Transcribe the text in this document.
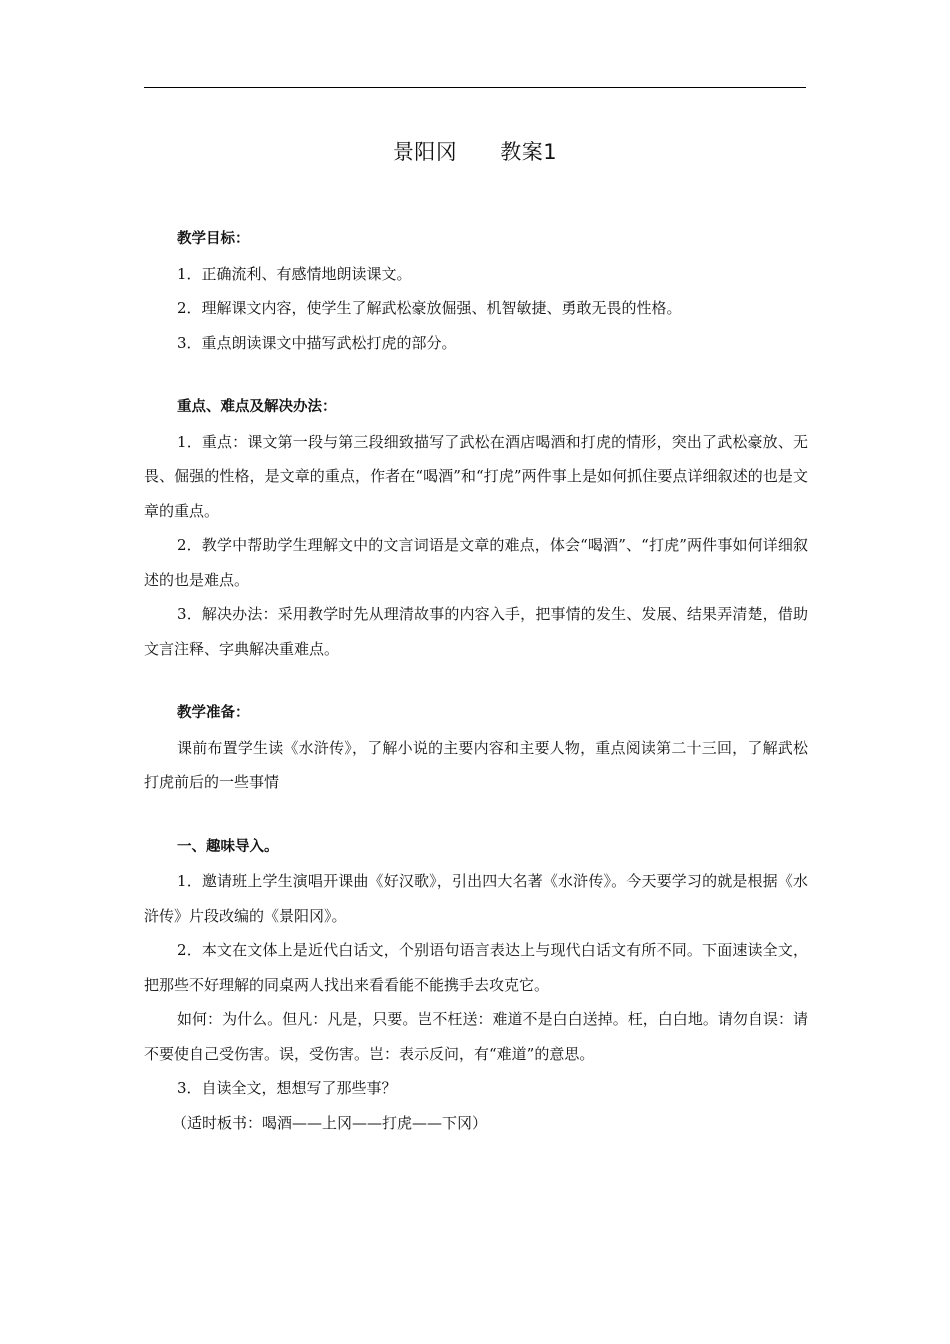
景阳冈　　教案1

教学目标：

1．正确流利、有感情地朗读课文。

2．理解课文内容，使学生了解武松豪放倔强、机智敏捷、勇敢无畏的性格。

3．重点朗读课文中描写武松打虎的部分。

重点、难点及解决办法：

1．重点：课文第一段与第三段细致描写了武松在酒店喝酒和打虎的情形，突出了武松豪放、无畏、倔强的性格，是文章的重点，作者在“喝酒”和“打虎”两件事上是如何抓住要点详细叙述的也是文章的重点。

2．教学中帮助学生理解文中的文言词语是文章的难点，体会“喝酒”、“打虎”两件事如何详细叙述的也是难点。

3．解决办法：采用教学时先从理清故事的内容入手，把事情的发生、发展、结果弄清楚，借助文言注释、字典解决重难点。

教学准备：

课前布置学生读《水浒传》，了解小说的主要内容和主要人物，重点阅读第二十三回，了解武松打虎前后的一些事情

一、趣味导入。

1．邀请班上学生演唱开课曲《好汉歌》，引出四大名著《水浒传》。今天要学习的就是根据《水浒传》片段改编的《景阳冈》。

2．本文在文体上是近代白话文，个别语句语言表达上与现代白话文有所不同。下面速读全文，把那些不好理解的同桌两人找出来看看能不能携手去攻克它。

如何：为什么。但凡：凡是，只要。岂不枉送：难道不是白白送掉。枉，白白地。请勿自误：请不要使自己受伤害。误，受伤害。岂：表示反问，有“难道”的意思。

3．自读全文，想想写了那些事？

（适时板书：喝酒——上冈——打虎——下冈）
